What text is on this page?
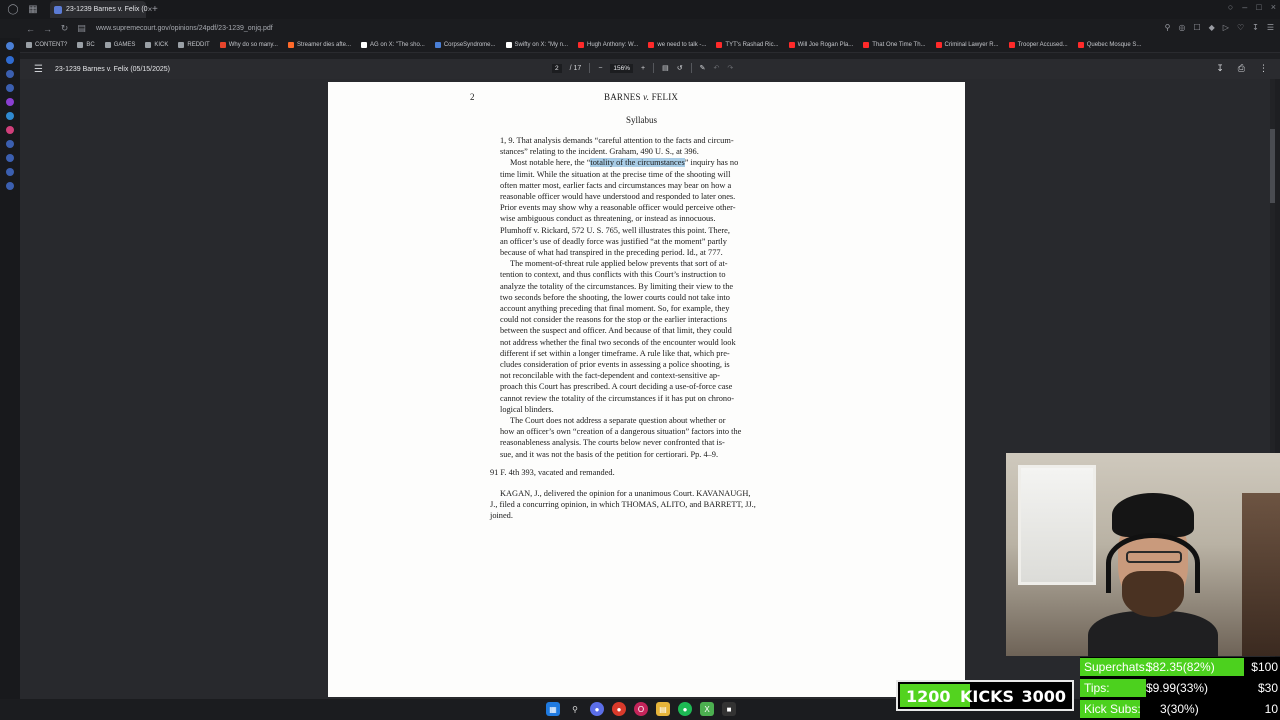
◯ ▦	23-1239 Barnes v. Felix (0 × +	○ – □ ×
← → ↻ ▤ www.supremecourt.gov/opinions/24pdf/23-1239_onjq.pdf	⚲ ◎ ☐ ◆ ▷ ♡ ↧ ☰
CONTENT?	BC	GAMES	KICK	REDDIT	Why do so many...	Streamer dies afte...	AG on X: "The sho...	CorpseSyndrome...	Swifty on X: "My n...	Hugh Anthony: W...	we need to talk -...	TYT's Rashad Ric...	Will Joe Rogan Pla...	That One Time Th...	Criminal Lawyer R...	Trooper Accused...	Quebec Mosque S...
☰ 23-1239 Barnes v. Felix (05/15/2025)	2	/ 17 −	156%	+ ▤ ↺ ✎ ↶ ↷	↧ ⎙ ⋮
2	BARNES v. FELIX
Syllabus
1, 9. That analysis demands “careful attention to the facts and circum-
stances” relating to the incident. Graham, 490 U. S., at 396.
Most notable here, the “totality of the circumstances” inquiry has no
time limit. While the situation at the precise time of the shooting will
often matter most, earlier facts and circumstances may bear on how a
reasonable officer would have understood and responded to later ones.
Prior events may show why a reasonable officer would perceive other-
wise ambiguous conduct as threatening, or instead as innocuous.
Plumhoff v. Rickard, 572 U. S. 765, well illustrates this point. There,
an officer’s use of deadly force was justified “at the moment” partly
because of what had transpired in the preceding period. Id., at 777.
The moment-of-threat rule applied below prevents that sort of at-
tention to context, and thus conflicts with this Court’s instruction to
analyze the totality of the circumstances. By limiting their view to the
two seconds before the shooting, the lower courts could not take into
account anything preceding that final moment. So, for example, they
could not consider the reasons for the stop or the earlier interactions
between the suspect and officer. And because of that limit, they could
not address whether the final two seconds of the encounter would look
different if set within a longer timeframe. A rule like that, which pre-
cludes consideration of prior events in assessing a police shooting, is
not reconcilable with the fact-dependent and context-sensitive ap-
proach this Court has prescribed. A court deciding a use-of-force case
cannot review the totality of the circumstances if it has put on chrono-
logical blinders.
The Court does not address a separate question about whether or
how an officer’s own “creation of a dangerous situation” factors into the
reasonableness analysis. The courts below never confronted that is-
sue, and it was not the basis of the petition for certiorari. Pp. 4–9.
91 F. 4th 393, vacated and remanded.
KAGAN, J., delivered the opinion for a unanimous Court. KAVANAUGH,
J., filed a concurring opinion, in which THOMAS, ALITO, and BARRETT, JJ.,
joined.
▦	⚲	●	●	O	▤	●	X	■
1200 KICKS 3000
Superchats:
$82.35(82%)	$100
Tips:	$9.99(33%)	$30
Kick Subs: 3(30%)	10
